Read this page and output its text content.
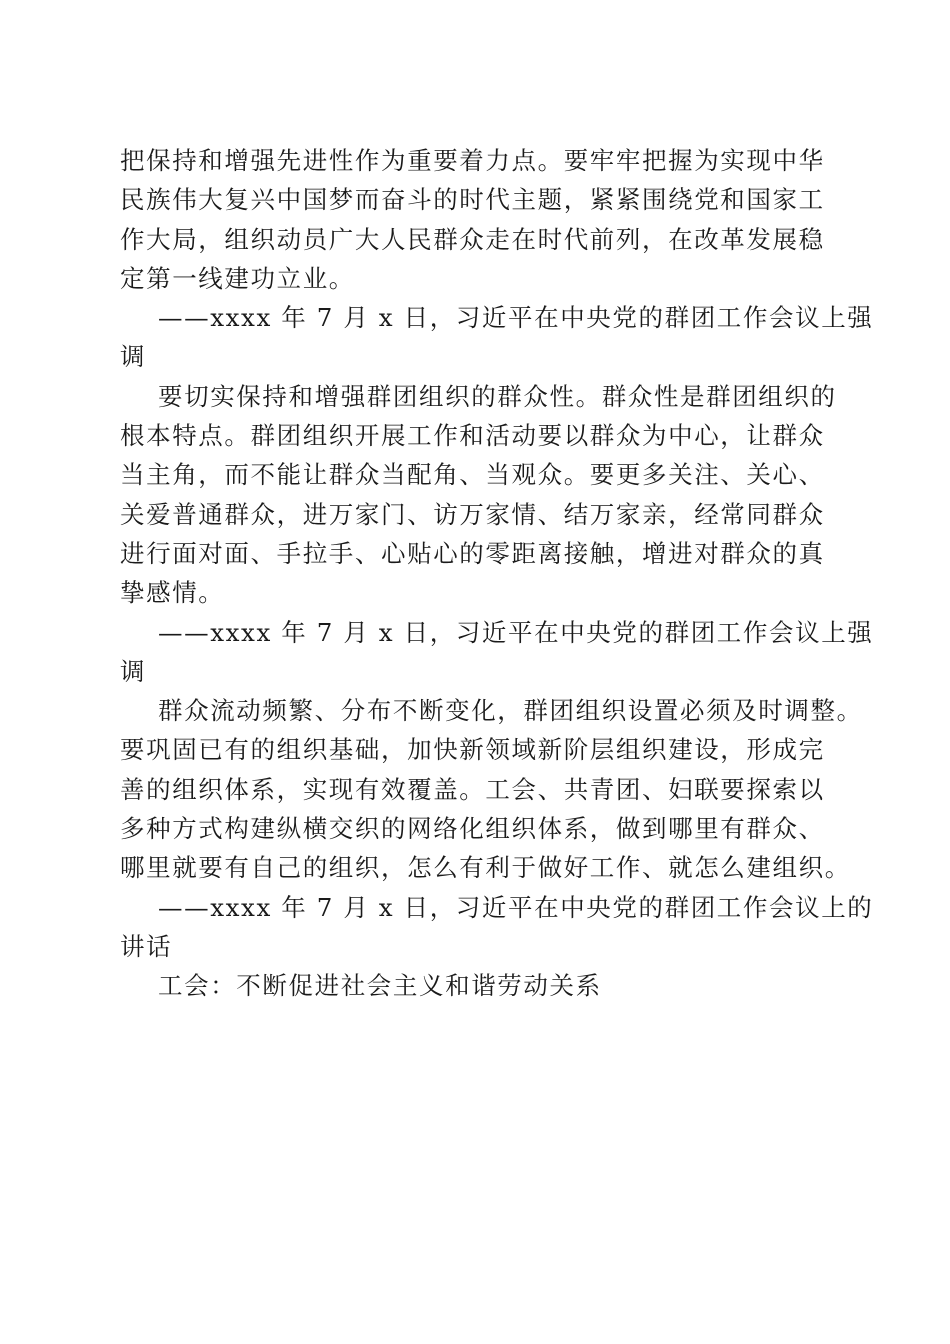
把保持和增强先进性作为重要着力点。要牢牢把握为实现中华
民族伟大复兴中国梦而奋斗的时代主题，紧紧围绕党和国家工
作大局，组织动员广大人民群众走在时代前列，在改革发展稳
定第一线建功立业。
——xxxx 年 7 月 x 日，习近平在中央党的群团工作会议上强
调
要切实保持和增强群团组织的群众性。群众性是群团组织的
根本特点。群团组织开展工作和活动要以群众为中心，让群众
当主角，而不能让群众当配角、当观众。要更多关注、关心、
关爱普通群众，进万家门、访万家情、结万家亲，经常同群众
进行面对面、手拉手、心贴心的零距离接触，增进对群众的真
挚感情。
——xxxx 年 7 月 x 日，习近平在中央党的群团工作会议上强
调
群众流动频繁、分布不断变化，群团组织设置必须及时调整。
要巩固已有的组织基础，加快新领域新阶层组织建设，形成完
善的组织体系，实现有效覆盖。工会、共青团、妇联要探索以
多种方式构建纵横交织的网络化组织体系，做到哪里有群众、
哪里就要有自己的组织，怎么有利于做好工作、就怎么建组织。
——xxxx 年 7 月 x 日，习近平在中央党的群团工作会议上的
讲话
工会：不断促进社会主义和谐劳动关系
